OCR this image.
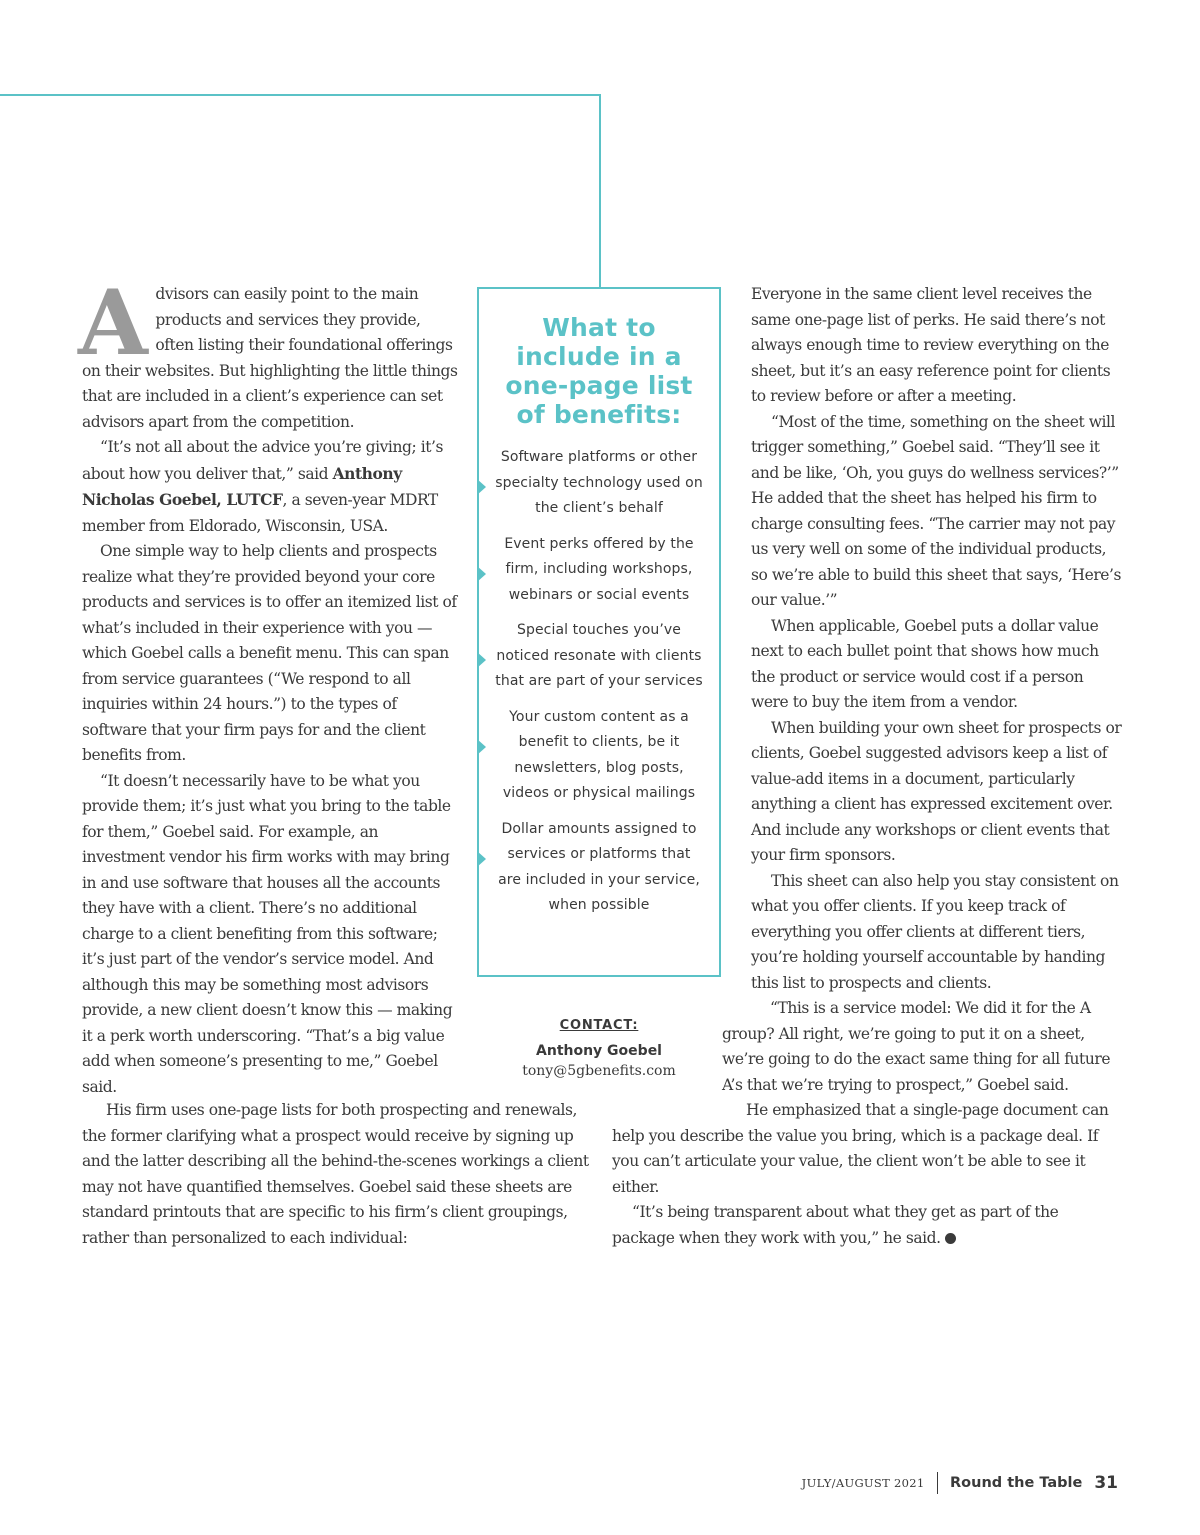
Advisors can easily point to the main products and services they provide, often listing their foundational offerings on their websites. But highlighting the little things that are included in a client’s experience can set advisors apart from the competition.

“It’s not all about the advice you’re giving; it’s about how you deliver that,” said Anthony Nicholas Goebel, LUTCF, a seven-year MDRT member from Eldorado, Wisconsin, USA.

One simple way to help clients and prospects realize what they’re provided beyond your core products and services is to offer an itemized list of what’s included in their experience with you — which Goebel calls a benefit menu. This can span from service guarantees (“We respond to all inquiries within 24 hours.”) to the types of software that your firm pays for and the client benefits from.

“It doesn’t necessarily have to be what you provide them; it’s just what you bring to the table for them,” Goebel said. For example, an investment vendor his firm works with may bring in and use software that houses all the accounts they have with a client. There’s no additional charge to a client benefiting from this software; it’s just part of the vendor’s service model. And although this may be something most advisors provide, a new client doesn’t know this — making it a perk worth underscoring. “That’s a big value add when someone’s presenting to me,” Goebel said.

His firm uses one-page lists for both prospecting and renewals, the former clarifying what a prospect would receive by signing up and the latter describing all the behind-the-scenes workings a client may not have quantified themselves. Goebel said these sheets are standard printouts that are specific to his firm’s client groupings, rather than personalized to each individual:

What to include in a one-page list of benefits:
Software platforms or other specialty technology used on the client’s behalf
Event perks offered by the firm, including workshops, webinars or social events
Special touches you’ve noticed resonate with clients that are part of your services
Your custom content as a benefit to clients, be it newsletters, blog posts, videos or physical mailings
Dollar amounts assigned to services or platforms that are included in your service, when possible
CONTACT:
Anthony Goebel
tony@5gbenefits.com

Everyone in the same client level receives the same one-page list of perks. He said there’s not always enough time to review everything on the sheet, but it’s an easy reference point for clients to review before or after a meeting.

“Most of the time, something on the sheet will trigger something,” Goebel said. “They’ll see it and be like, ‘Oh, you guys do wellness services?’” He added that the sheet has helped his firm to charge consulting fees. “The carrier may not pay us very well on some of the individual products, so we’re able to build this sheet that says, ‘Here’s our value.’”

When applicable, Goebel puts a dollar value next to each bullet point that shows how much the product or service would cost if a person were to buy the item from a vendor.

When building your own sheet for prospects or clients, Goebel suggested advisors keep a list of value-add items in a document, particularly anything a client has expressed excitement over. And include any workshops or client events that your firm sponsors.

This sheet can also help you stay consistent on what you offer clients. If you keep track of everything you offer clients at different tiers, you’re holding yourself accountable by handing this list to prospects and clients.

“This is a service model: We did it for the A group? All right, we’re going to put it on a sheet, we’re going to do the exact same thing for all future A’s that we’re trying to prospect,” Goebel said.

He emphasized that a single-page document can help you describe the value you bring, which is a package deal. If you can’t articulate your value, the client won’t be able to see it either.

“It’s being transparent about what they get as part of the package when they work with you,” he said.

JULY/AUGUST 2021 Round the Table 31
